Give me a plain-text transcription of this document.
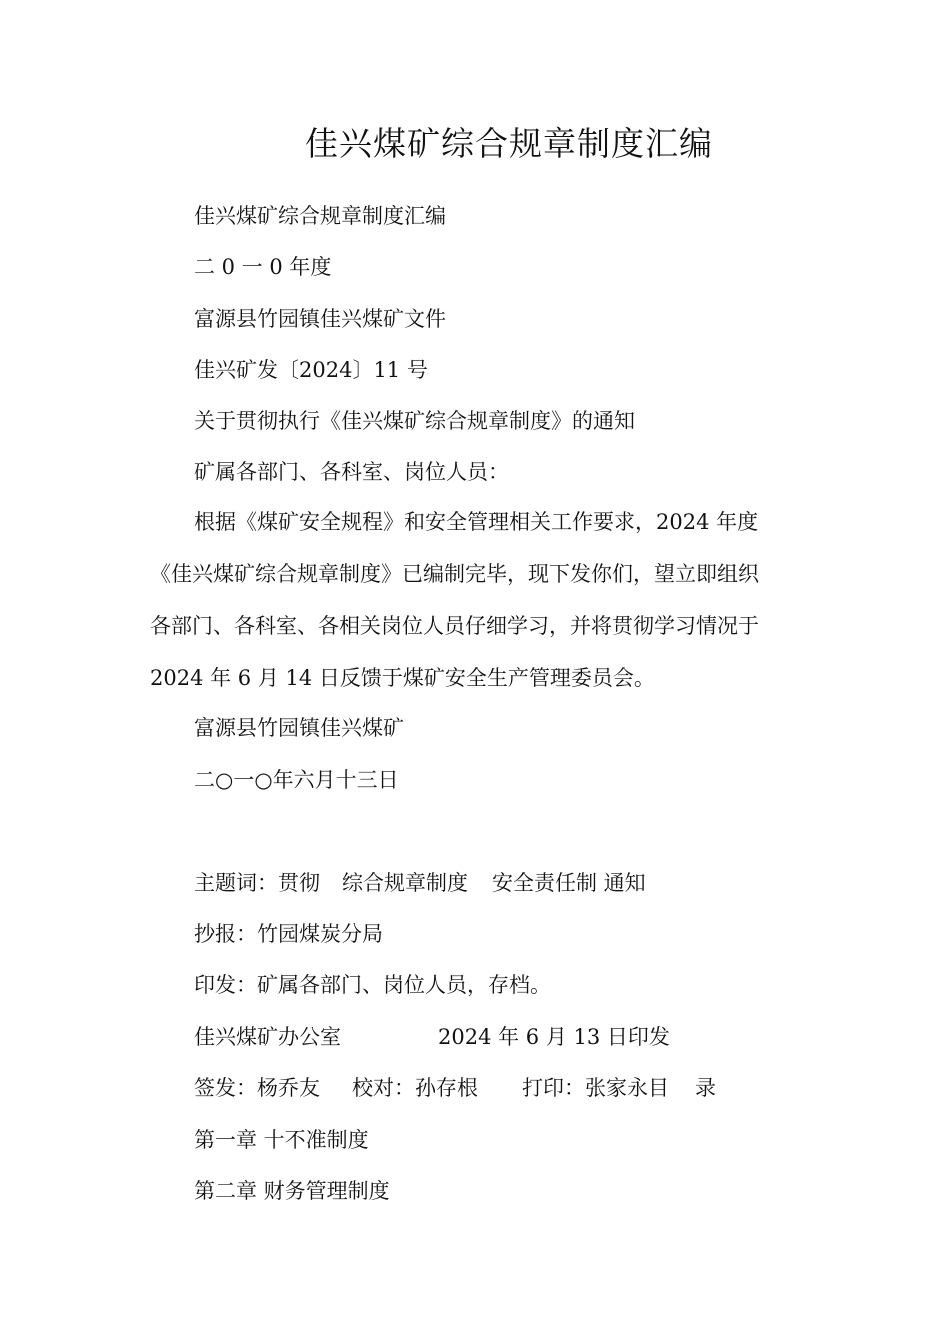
佳兴煤矿综合规章制度汇编
佳兴煤矿综合规章制度汇编
二 0 一 0 年度
富源县竹园镇佳兴煤矿文件
佳兴矿发〔2024〕11 号
关于贯彻执行《佳兴煤矿综合规章制度》的通知
矿属各部门、各科室、岗位人员：
根据《煤矿安全规程》和安全管理相关工作要求，2024 年度
《佳兴煤矿综合规章制度》已编制完毕，现下发你们，望立即组织
各部门、各科室、各相关岗位人员仔细学习，并将贯彻学习情况于
2024 年 6 月 14 日反馈于煤矿安全生产管理委员会。
富源县竹园镇佳兴煤矿
二○一○年六月十三日
主题词：贯彻 综合规章制度 安全责任制 通知
抄报：竹园煤炭分局
印发：矿属各部门、岗位人员，存档。
佳兴煤矿办公室	2024 年 6 月 13 日印发
签发：杨乔友 校对：孙存根 打印：张家永目 录
第一章 十不准制度
第二章 财务管理制度
